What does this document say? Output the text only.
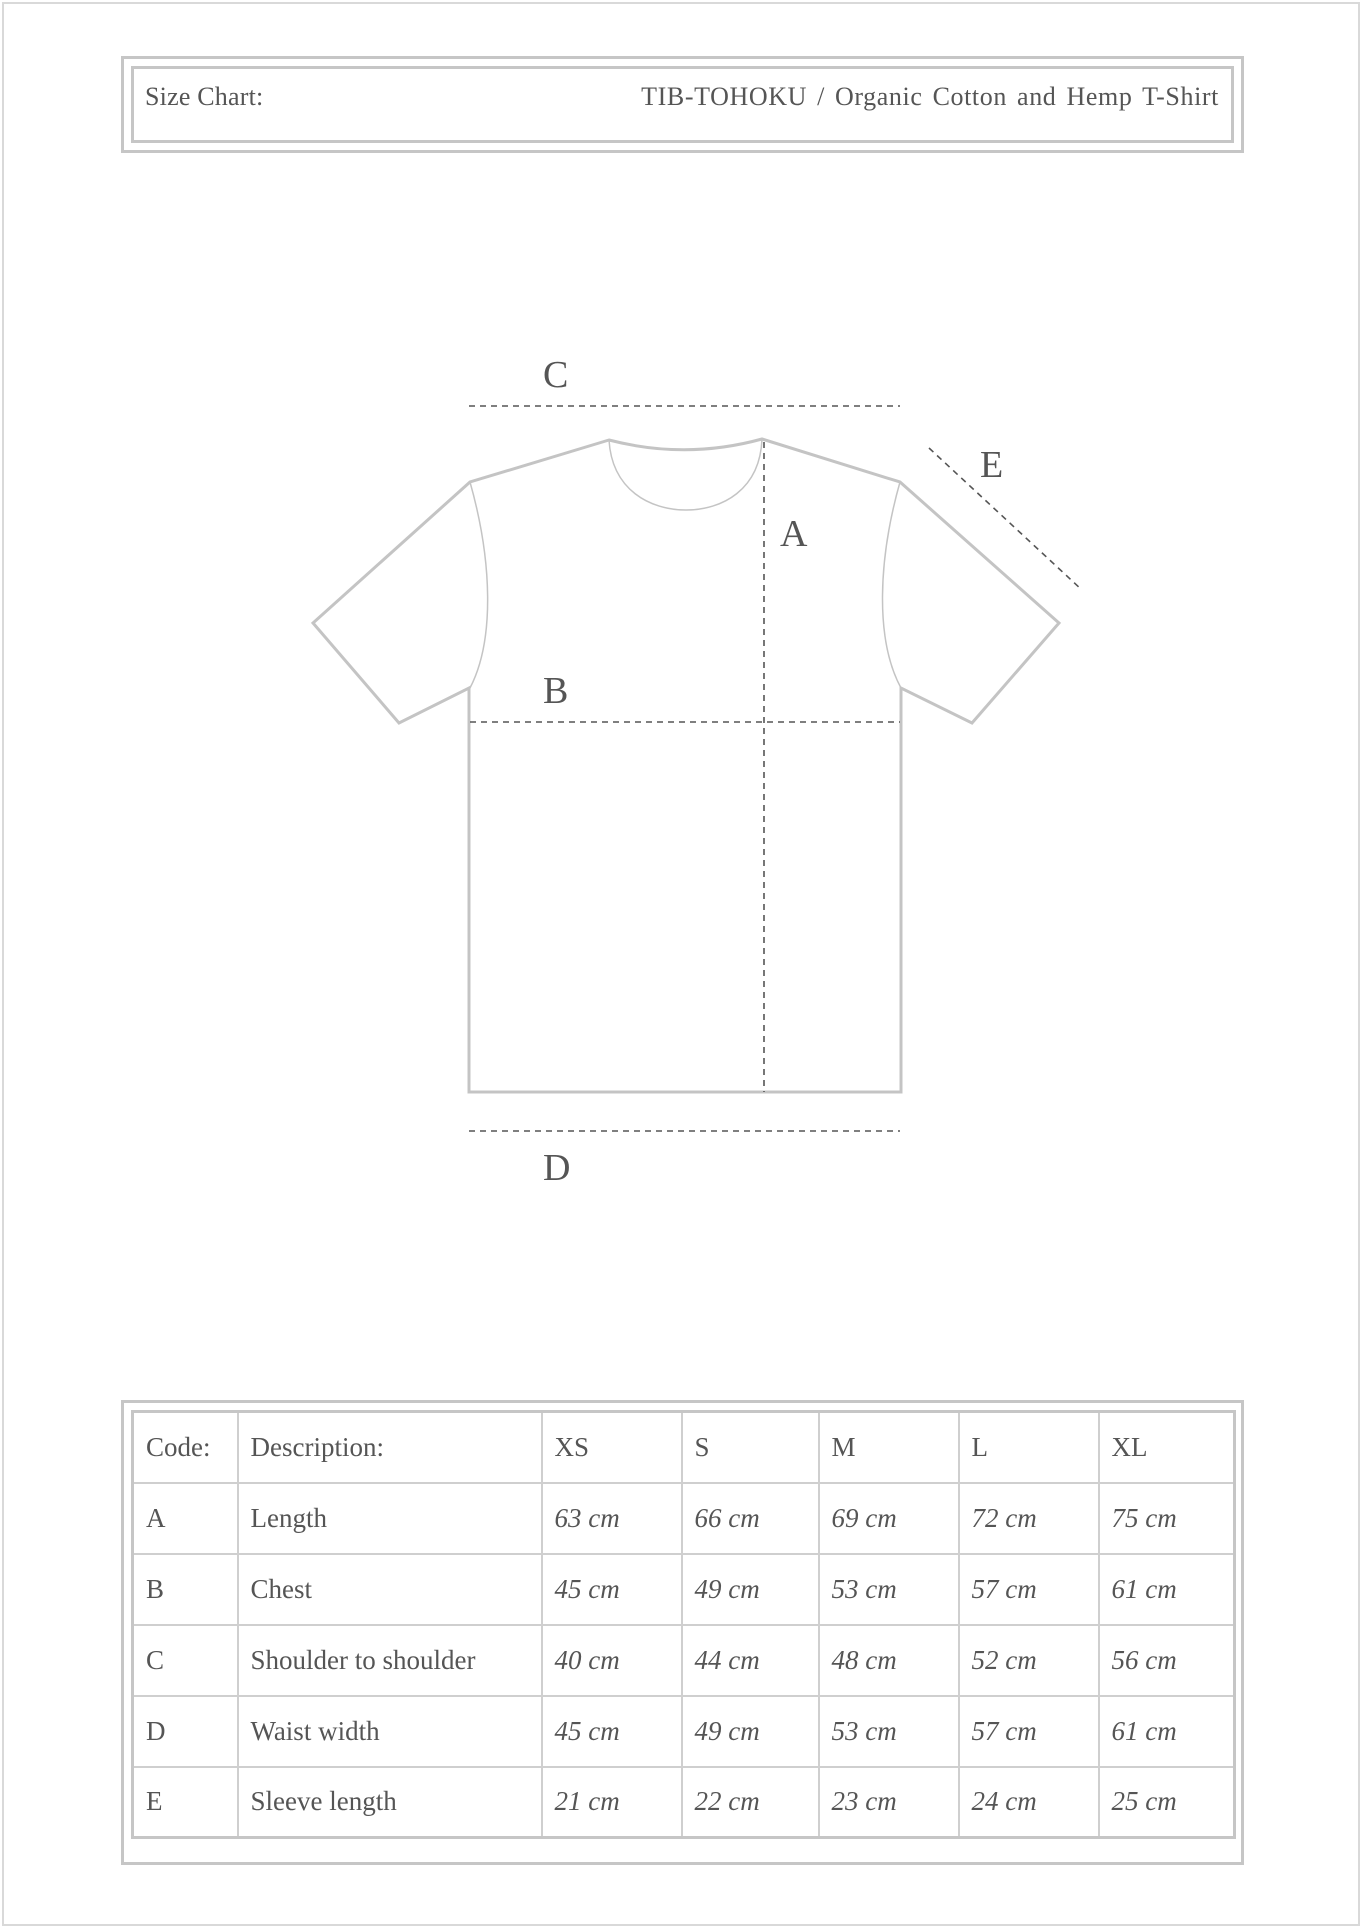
Size Chart:	TIB-TOHOKU / Organic Cotton and Hemp T-Shirt
C
A
E
B
D
Code:	Description:	XS	S	M	L	XL
A	Length	63 cm	66 cm	69 cm	72 cm	75 cm
B	Chest	45 cm	49 cm	53 cm	57 cm	61 cm
C	Shoulder to shoulder	40 cm	44 cm	48 cm	52 cm	56 cm
D	Waist width	45 cm	49 cm	53 cm	57 cm	61 cm
E	Sleeve length	21 cm	22 cm	23 cm	24 cm	25 cm
